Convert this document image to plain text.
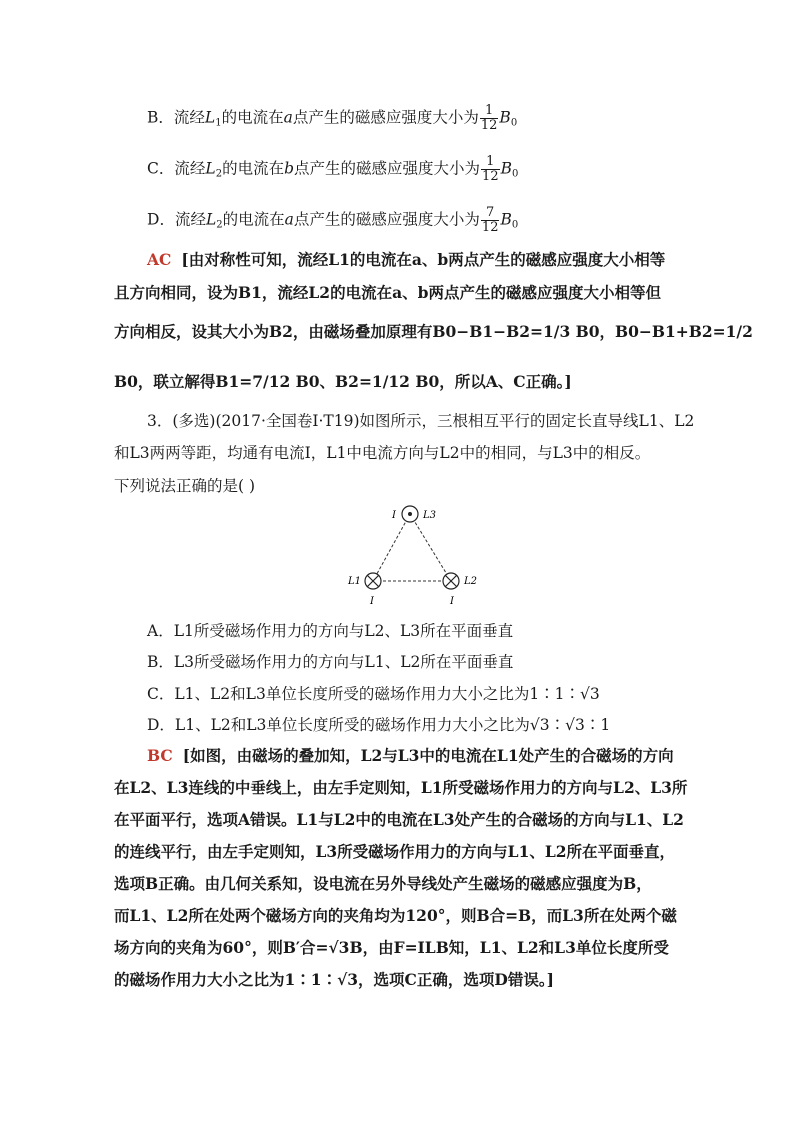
B．流经$L_1$的电流在a点产生的磁感应强度大小为 $\frac{1}{12} B_0$
C．流经$L_2$的电流在b点产生的磁感应强度大小为 $\frac{1}{12} B_0$
D．流经$L_2$的电流在a点产生的磁感应强度大小为 $\frac{7}{12} B_0$
AC [由对称性可知，流经L1的电流在a、b两点产生的磁感应强度大小相等
且方向相同，设为B1，流经L2的电流在a、b两点产生的磁感应强度大小相等但
方向相反，设其大小为B2，由磁场叠加原理有B0−B1−B2=1/3 B0，B0−B1+B2=1/2
B0，联立解得B1=7/12 B0、B2=1/12 B0，所以A、C正确。]
3．(多选)(2017·全国卷Ⅰ·T19)如图所示，三根相互平行的固定长直导线L1、L2
和L3两两等距，均通有电流I，L1中电流方向与L2中的相同，与L3中的相反。
下列说法正确的是( )
I	L3
L1	L2
I	I
A．L1所受磁场作用力的方向与L2、L3所在平面垂直
B．L3所受磁场作用力的方向与L1、L2所在平面垂直
C．L1、L2和L3单位长度所受的磁场作用力大小之比为1∶1∶√3
D．L1、L2和L3单位长度所受的磁场作用力大小之比为√3∶√3∶1
BC [如图，由磁场的叠加知，L2与L3中的电流在L1处产生的合磁场的方向
在L2、L3连线的中垂线上，由左手定则知，L1所受磁场作用力的方向与L2、L3所
在平面平行，选项A错误。L1与L2中的电流在L3处产生的合磁场的方向与L1、L2
的连线平行，由左手定则知，L3所受磁场作用力的方向与L1、L2所在平面垂直，
选项B正确。由几何关系知，设电流在另外导线处产生磁场的磁感应强度为B，
而L1、L2所在处两个磁场方向的夹角均为120°，则B合=B，而L3所在处两个磁
场方向的夹角为60°，则B′合=√3B，由F=ILB知，L1、L2和L3单位长度所受
的磁场作用力大小之比为1∶1∶√3，选项C正确，选项D错误。]
